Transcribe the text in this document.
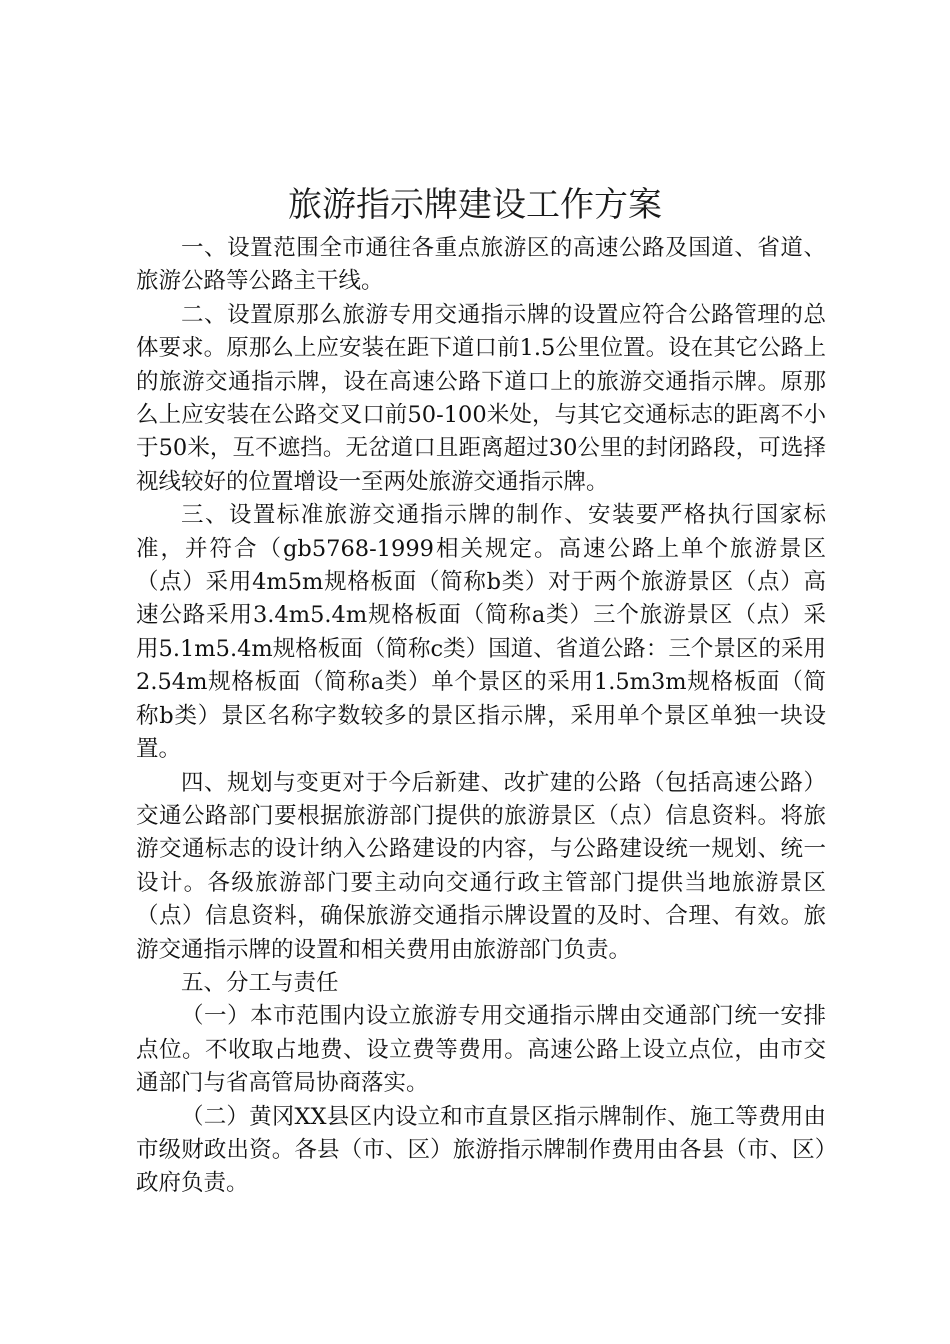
旅游指示牌建设工作方案

一、设置范围全市通往各重点旅游区的高速公路及国道、省道、旅游公路等公路主干线。

二、设置原那么旅游专用交通指示牌的设置应符合公路管理的总体要求。原那么上应安装在距下道口前1.5公里位置。设在其它公路上的旅游交通指示牌，设在高速公路下道口上的旅游交通指示牌。原那么上应安装在公路交叉口前50-100米处，与其它交通标志的距离不小于50米，互不遮挡。无岔道口且距离超过30公里的封闭路段，可选择视线较好的位置增设一至两处旅游交通指示牌。

三、设置标准旅游交通指示牌的制作、安装要严格执行国家标准，并符合（gb5768-1999相关规定。高速公路上单个旅游景区（点）采用4m5m规格板面（简称b类）对于两个旅游景区（点）高速公路采用3.4m5.4m规格板面（简称a类）三个旅游景区（点）采用5.1m5.4m规格板面（简称c类）国道、省道公路：三个景区的采用2.54m规格板面（简称a类）单个景区的采用1.5m3m规格板面（简称b类）景区名称字数较多的景区指示牌，采用单个景区单独一块设置。

四、规划与变更对于今后新建、改扩建的公路（包括高速公路）交通公路部门要根据旅游部门提供的旅游景区（点）信息资料。将旅游交通标志的设计纳入公路建设的内容，与公路建设统一规划、统一设计。各级旅游部门要主动向交通行政主管部门提供当地旅游景区（点）信息资料，确保旅游交通指示牌设置的及时、合理、有效。旅游交通指示牌的设置和相关费用由旅游部门负责。

五、分工与责任

（一）本市范围内设立旅游专用交通指示牌由交通部门统一安排点位。不收取占地费、设立费等费用。高速公路上设立点位，由市交通部门与省高管局协商落实。

（二）黄冈XX县区内设立和市直景区指示牌制作、施工等费用由市级财政出资。各县（市、区）旅游指示牌制作费用由各县（市、区）政府负责。
